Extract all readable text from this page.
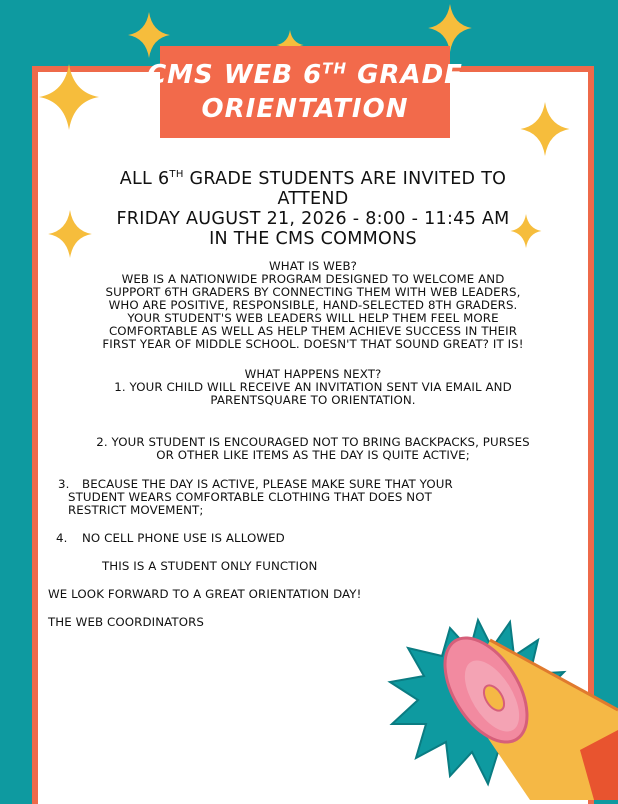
CMS WEB 6TH GRADE
ORIENTATION
ALL 6TH GRADE STUDENTS ARE INVITED TO
ATTEND
FRIDAY AUGUST 21, 2026 - 8:00 - 11:45 AM
IN THE CMS COMMONS
WHAT IS WEB?
WEB IS A NATIONWIDE PROGRAM DESIGNED TO WELCOME AND
SUPPORT 6TH GRADERS BY CONNECTING THEM WITH WEB LEADERS,
WHO ARE POSITIVE, RESPONSIBLE, HAND-SELECTED 8TH GRADERS.
YOUR STUDENT'S WEB LEADERS WILL HELP THEM FEEL MORE
COMFORTABLE AS WELL AS HELP THEM ACHIEVE SUCCESS IN THEIR
FIRST YEAR OF MIDDLE SCHOOL. DOESN'T THAT SOUND GREAT? IT IS!
WHAT HAPPENS NEXT?
1. YOUR CHILD WILL RECEIVE AN INVITATION SENT VIA EMAIL AND
PARENTSQUARE TO ORIENTATION.
2. YOUR STUDENT IS ENCOURAGED NOT TO BRING BACKPACKS, PURSES
OR OTHER LIKE ITEMS AS THE DAY IS QUITE ACTIVE;
3. BECAUSE THE DAY IS ACTIVE, PLEASE MAKE SURE THAT YOUR
STUDENT WEARS COMFORTABLE CLOTHING THAT DOES NOT
RESTRICT MOVEMENT;
4. NO CELL PHONE USE IS ALLOWED
THIS IS A STUDENT ONLY FUNCTION
WE LOOK FORWARD TO A GREAT ORIENTATION DAY!
THE WEB COORDINATORS
